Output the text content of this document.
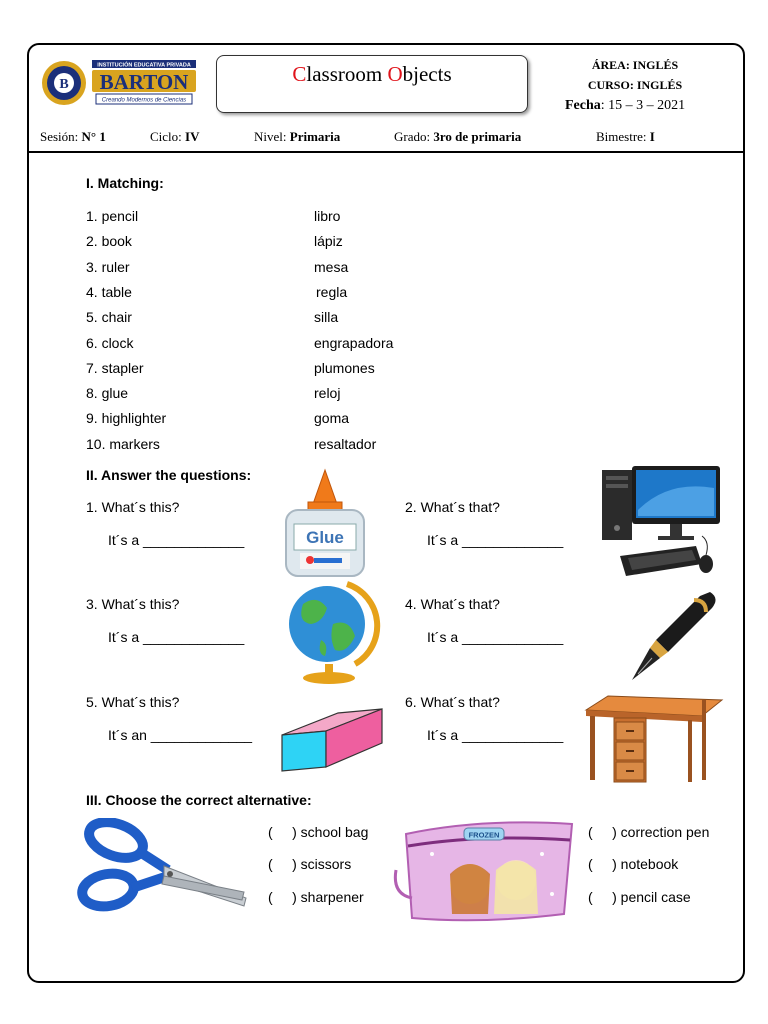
B
INSTITUCIÓN EDUCATIVA PRIVADA
BARTON
Creando Modernos de Ciencias
Classroom Objects	ÁREA: INGLÉS
CURSO: INGLÉS
Fecha: 15 – 3 – 2021
Sesión: N° 1	Ciclo: IV	Nivel: Primaria	Grado: 3ro de primaria	Bimestre: I
I. Matching:
1. pencil	libro
2. book	lápiz
3. ruler	mesa
4. table	regla
5. chair	silla
6. clock	engrapadora
7. stapler	plumones
8. glue	reloj
9. highlighter	goma
10. markers	resaltador
II. Answer the questions:
1. What´s this?
It´s a _____________
2. What´s that?
It´s a _____________
3. What´s this?
It´s a _____________
4. What´s that?
It´s a _____________
5. What´s this?
It´s an _____________
6. What´s that?
It´s a _____________
Glue
III. Choose the correct alternative:
(     ) school bag
(     ) scissors
(     ) sharpener
FROZEN	(     ) correction pen
(     ) notebook
(     ) pencil case
